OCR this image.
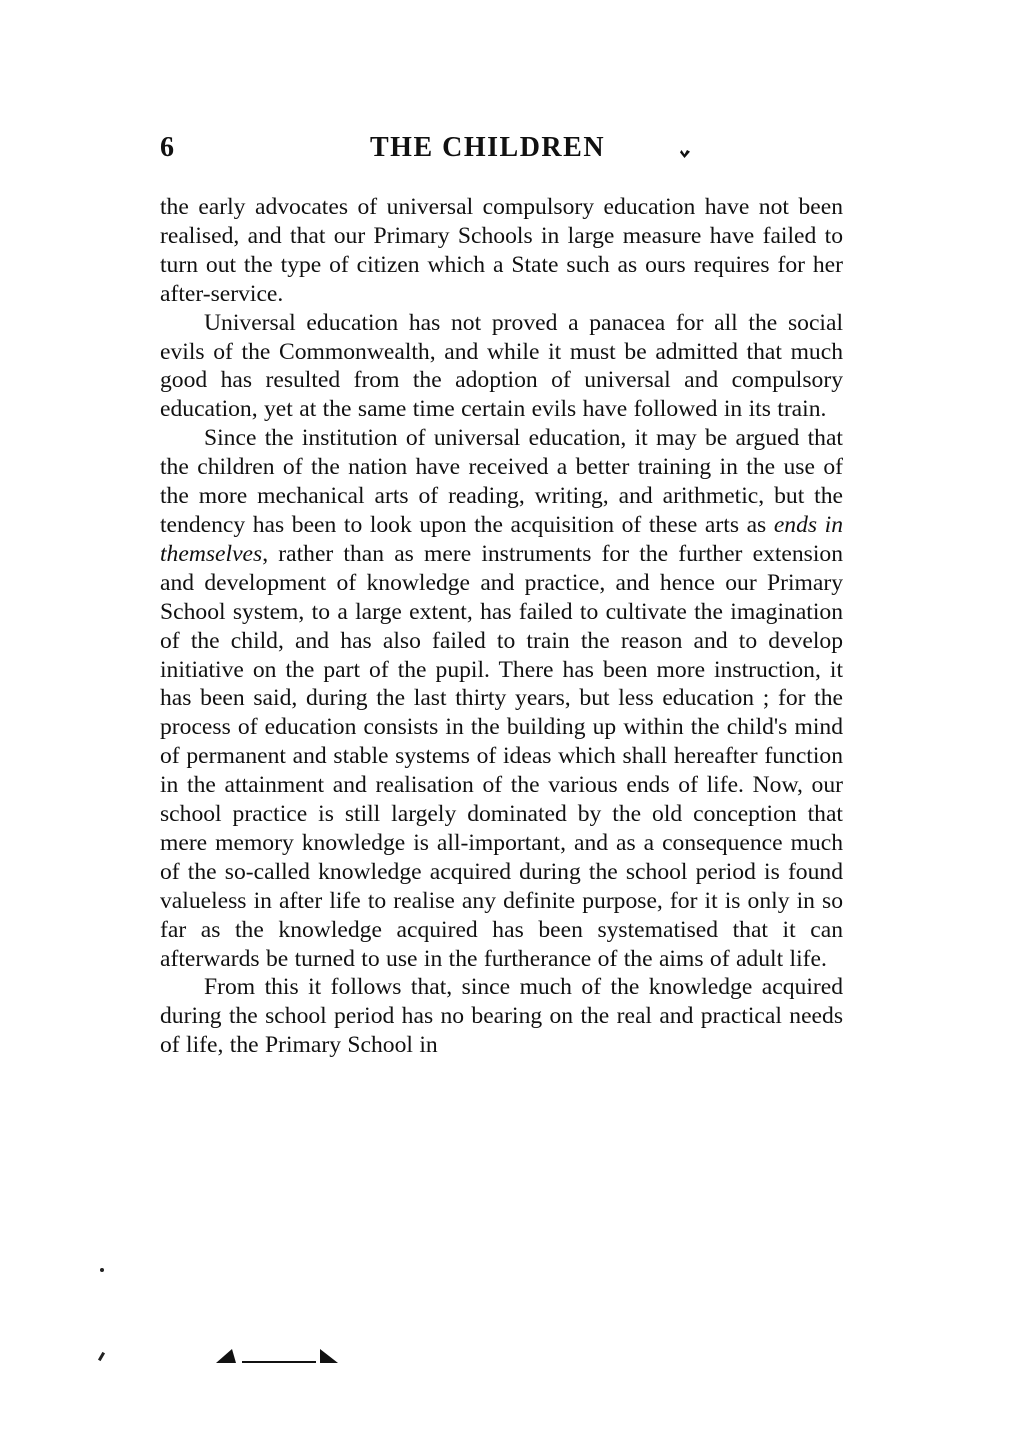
6	THE CHILDREN

the early advocates of universal compulsory education have not been realised, and that our Primary Schools in large measure have failed to turn out the type of citizen which a State such as ours requires for her after-service.

Universal education has not proved a panacea for all the social evils of the Commonwealth, and while it must be admitted that much good has resulted from the adoption of universal and compulsory education, yet at the same time certain evils have followed in its train.

Since the institution of universal education, it may be argued that the children of the nation have received a better training in the use of the more mechanical arts of reading, writing, and arithmetic, but the tendency has been to look upon the acquisition of these arts as ends in themselves, rather than as mere instruments for the further extension and development of knowledge and practice, and hence our Primary School system, to a large extent, has failed to cultivate the imagination of the child, and has also failed to train the reason and to develop initiative on the part of the pupil. There has been more instruction, it has been said, during the last thirty years, but less education ; for the process of education consists in the building up within the child's mind of permanent and stable systems of ideas which shall hereafter function in the attainment and realisation of the various ends of life. Now, our school practice is still largely dominated by the old conception that mere memory knowledge is all-important, and as a consequence much of the so-called knowledge acquired during the school period is found valueless in after life to realise any definite purpose, for it is only in so far as the knowledge acquired has been systematised that it can afterwards be turned to use in the furtherance of the aims of adult life.

From this it follows that, since much of the knowledge acquired during the school period has no bearing on the real and practical needs of life, the Primary School in
